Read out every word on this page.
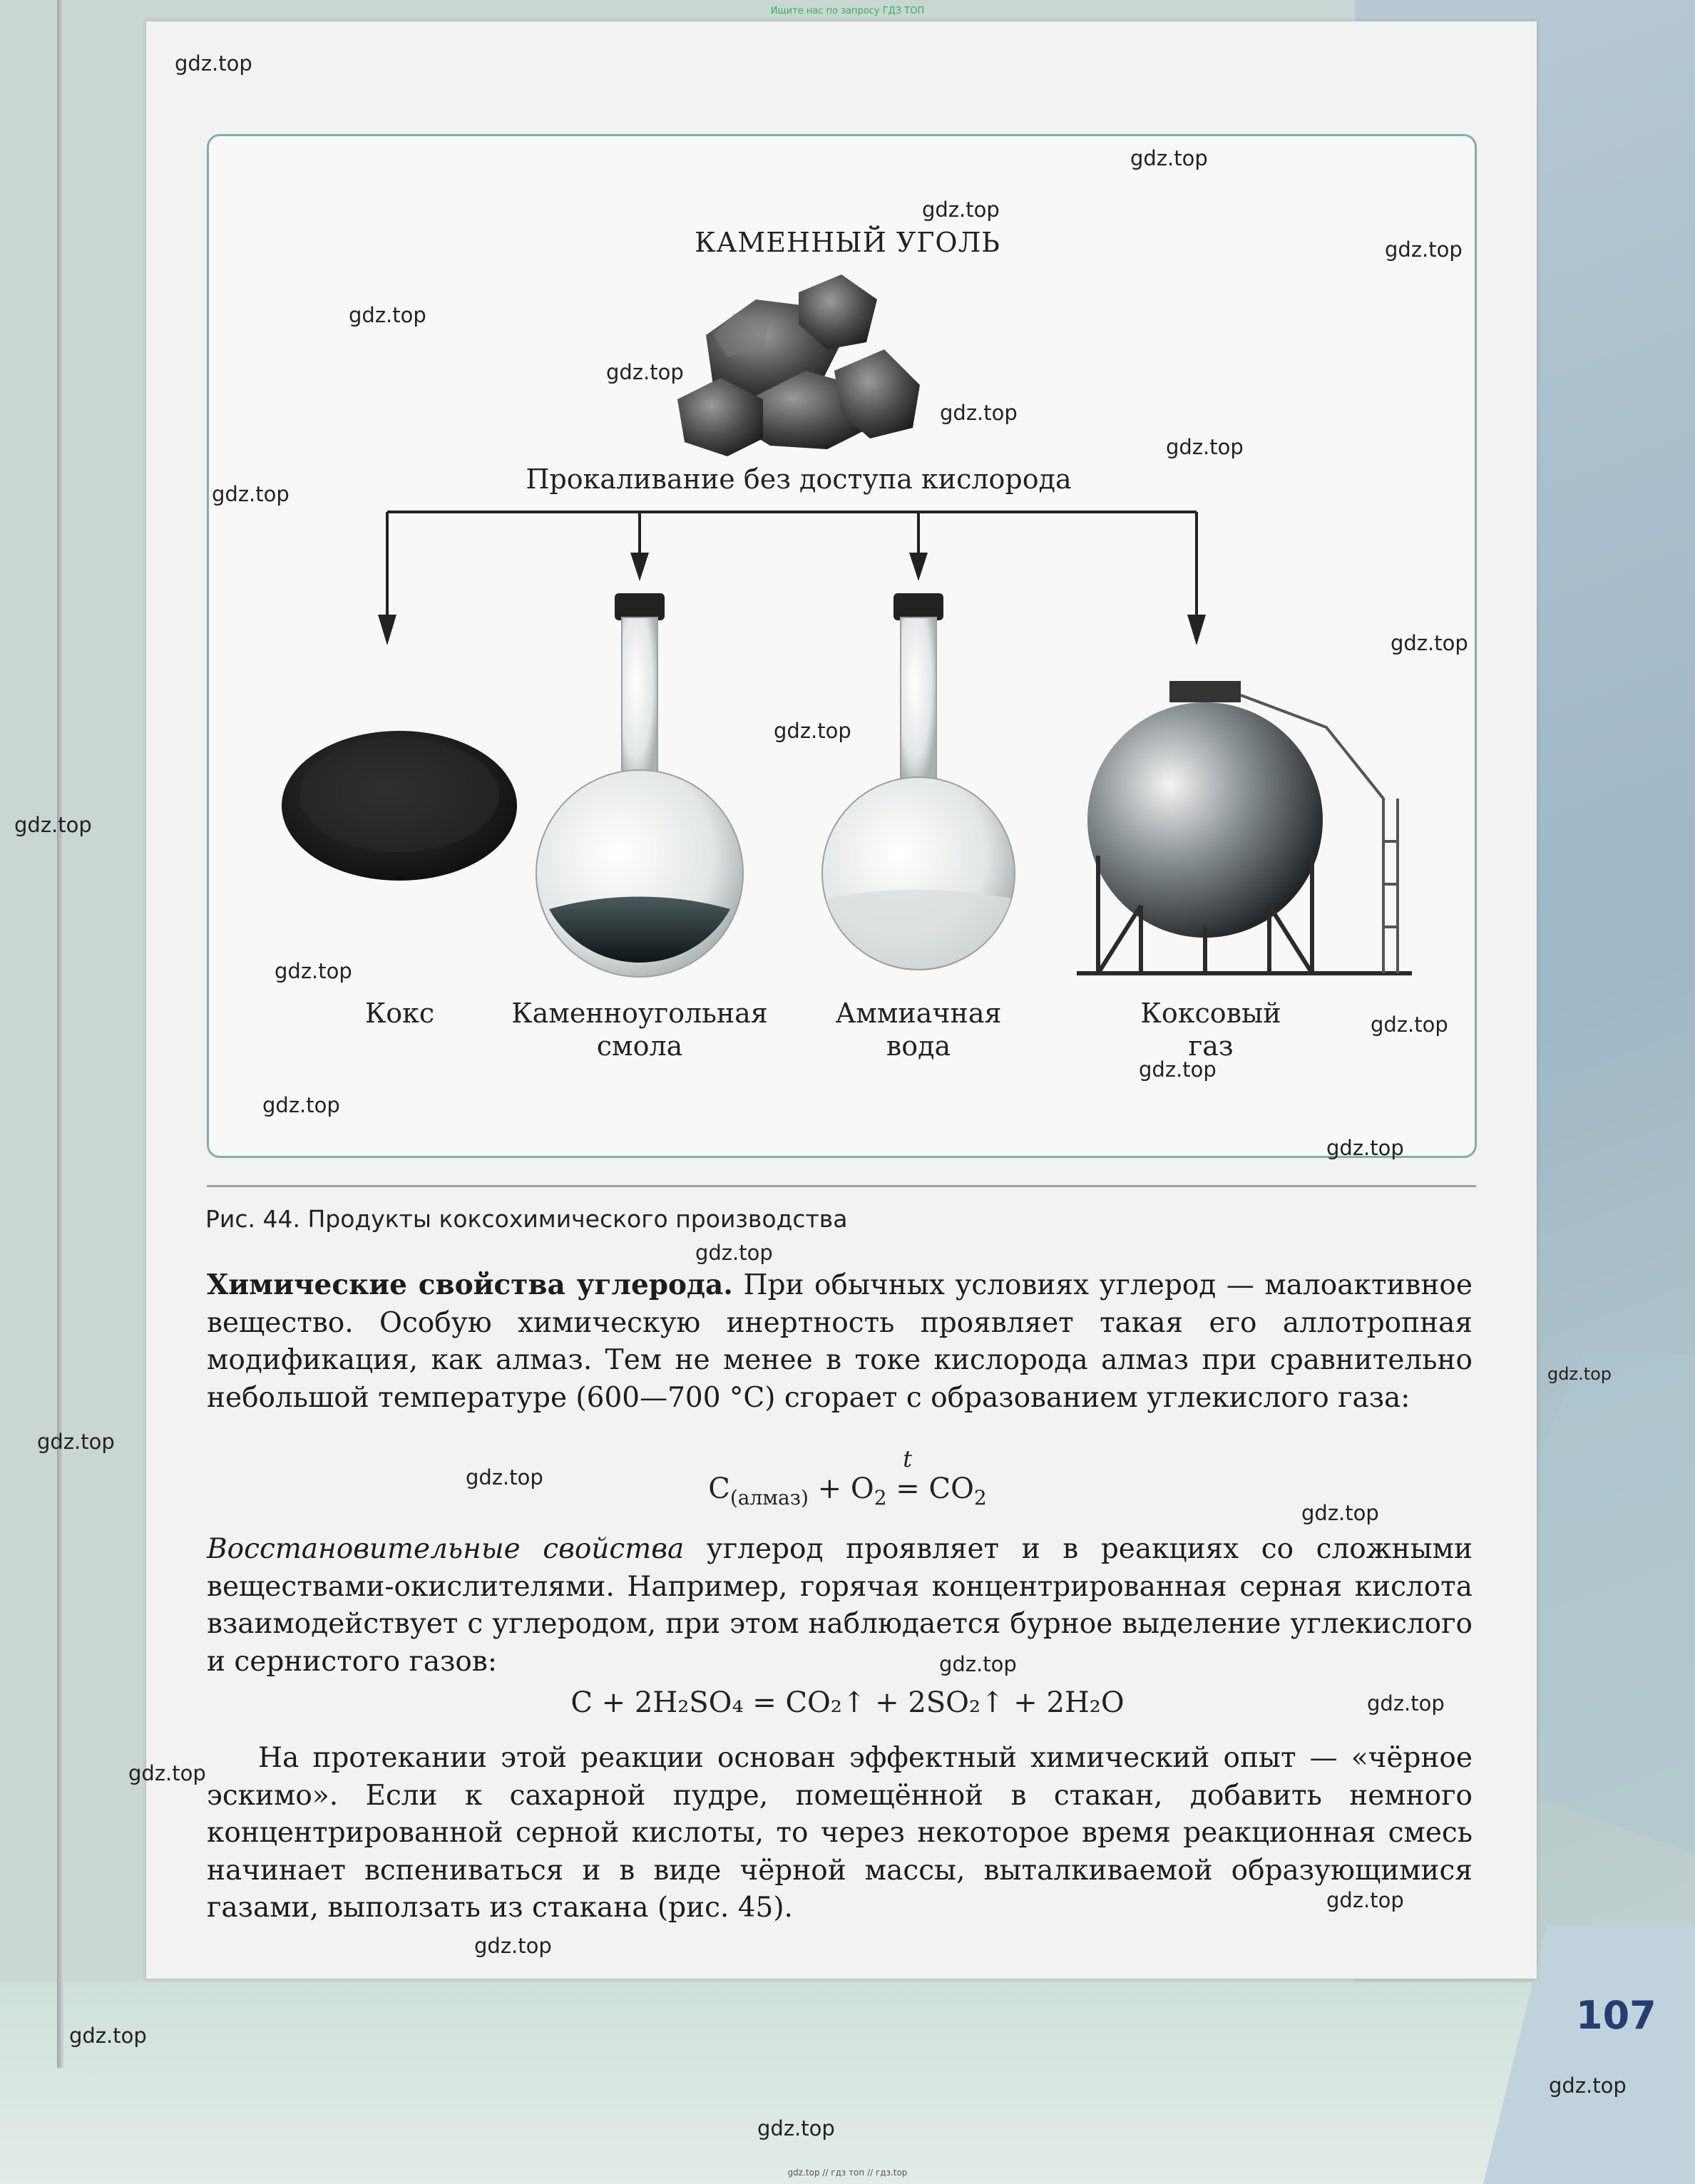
Ищите нас по запросу ГДЗ ТОП
КАМЕННЫЙ УГОЛЬ
Прокаливание без доступа кислорода
Кокс	Каменноугольная
смола
Аммиачная
вода
Коксовый
газ
Рис. 44. Продукты коксохимического производства
Химические свойства углерода. При обычных условиях углерод — малоактивное вещество. Особую химическую инертность проявляет такая его аллотропная модификация, как алмаз. Тем не менее в токе кислорода алмаз при сравнительно небольшой температуре (600—700 °С) сгорает с образованием углекислого газа:
$С_{(алмаз)} + O_2$
t
= $CO_2$
Восстановительные свойства углерод проявляет и в реакциях со сложными веществами-окислителями. Например, горячая концентрированная серная кислота взаимодействует с углеродом, при этом наблюдается бурное выделение углекислого и сернистого газов:
С + 2H₂SO₄ = CO₂↑ + 2SO₂↑ + 2H₂O
На протекании этой реакции основан эффектный химический опыт — «чёрное эскимо». Если к сахарной пудре, помещённой в стакан, добавить немного концентрированной серной кислоты, то через некоторое время реакционная смесь начинает вспениваться и в виде чёрной массы, выталкиваемой образующимися газами, выползать из стакана (рис. 45).
107
gdz.top // гдз топ // гдз.top
gdz.top
gdz.top
gdz.top
gdz.top
gdz.top
gdz.top
gdz.top
gdz.top
gdz.top
gdz.top
gdz.top
gdz.top
gdz.top
gdz.top
gdz.top
gdz.top
gdz.top
gdz.top
gdz.top
gdz.top
gdz.top
gdz.top
gdz.top
gdz.top
gdz.top
gdz.top
gdz.top
gdz.top
gdz.top
gdz.top
